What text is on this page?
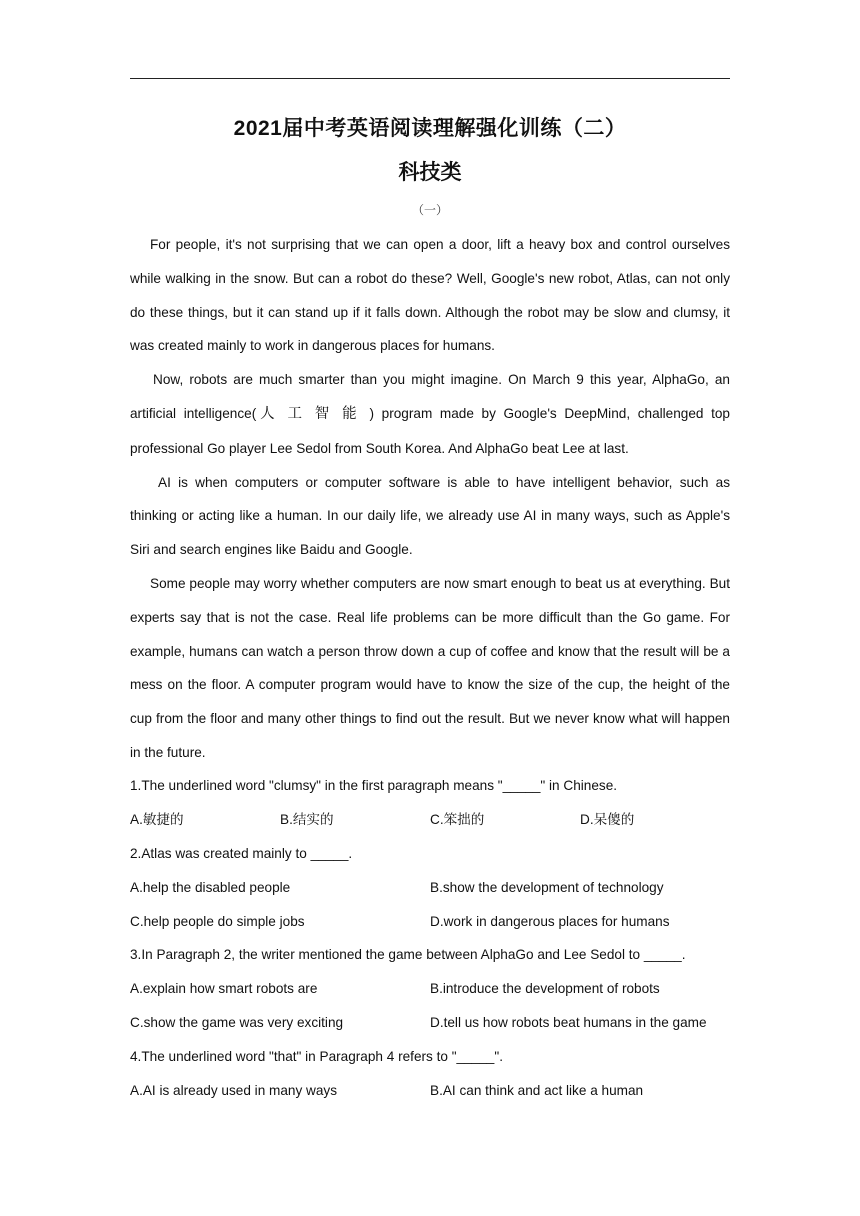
2021届中考英语阅读理解强化训练（二）
科技类
（一）

For people, it's not surprising that we can open a door, lift a heavy box and control ourselves while walking in the snow. But can a robot do these? Well, Google's new robot, Atlas, can not only do these things, but it can stand up if it falls down. Although the robot may be slow and clumsy, it was created mainly to work in dangerous places for humans.

Now, robots are much smarter than you might imagine. On March 9 this year, AlphaGo, an artificial intelligence(人工智能) program made by Google's DeepMind, challenged top professional Go player Lee Sedol from South Korea. And AlphaGo beat Lee at last.

AI is when computers or computer software is able to have intelligent behavior, such as thinking or acting like a human. In our daily life, we already use AI in many ways, such as Apple's Siri and search engines like Baidu and Google.

Some people may worry whether computers are now smart enough to beat us at everything. But experts say that is not the case. Real life problems can be more difficult than the Go game. For example, humans can watch a person throw down a cup of coffee and know that the result will be a mess on the floor. A computer program would have to know the size of the cup, the height of the cup from the floor and many other things to find out the result. But we never know what will happen in the future.

1.The underlined word "clumsy" in the first paragraph means "_____" in Chinese.
A.敏捷的	B.结实的	C.笨拙的	D.呆傻的
2.Atlas was created mainly to _____.
A.help the disabled people	B.show the development of technology
C.help people do simple jobs	D.work in dangerous places for humans
3.In Paragraph 2, the writer mentioned the game between AlphaGo and Lee Sedol to _____.
A.explain how smart robots are	B.introduce the development of robots
C.show the game was very exciting	D.tell us how robots beat humans in the game
4.The underlined word "that" in Paragraph 4 refers to "_____".
A.AI is already used in many ways	B.AI can think and act like a human
